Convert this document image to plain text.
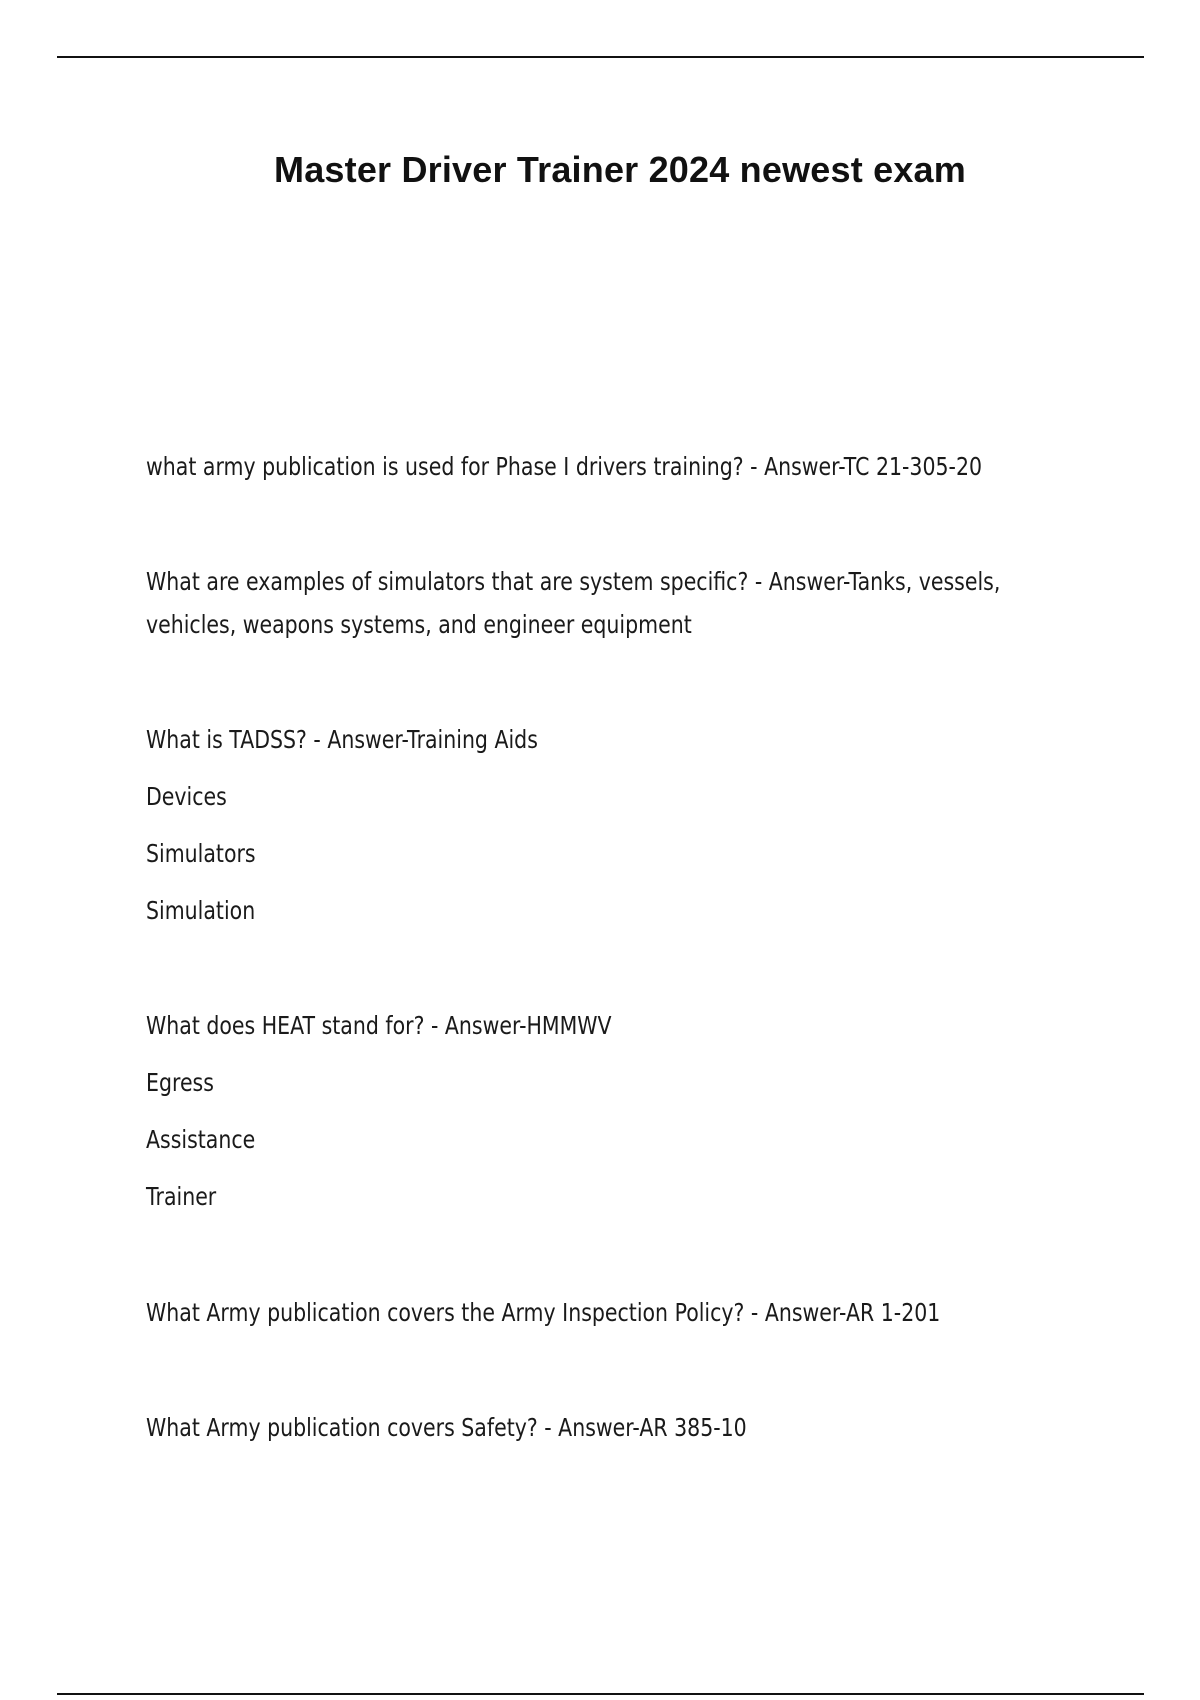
Master Driver Trainer 2024 newest exam
what army publication is used for Phase I drivers training? - Answer-TC 21-305-20
What are examples of simulators that are system specific? - Answer-Tanks, vessels,
vehicles, weapons systems, and engineer equipment
What is TADSS? - Answer-Training Aids
Devices
Simulators
Simulation
What does HEAT stand for? - Answer-HMMWV
Egress
Assistance
Trainer
What Army publication covers the Army Inspection Policy? - Answer-AR 1-201
What Army publication covers Safety? - Answer-AR 385-10
